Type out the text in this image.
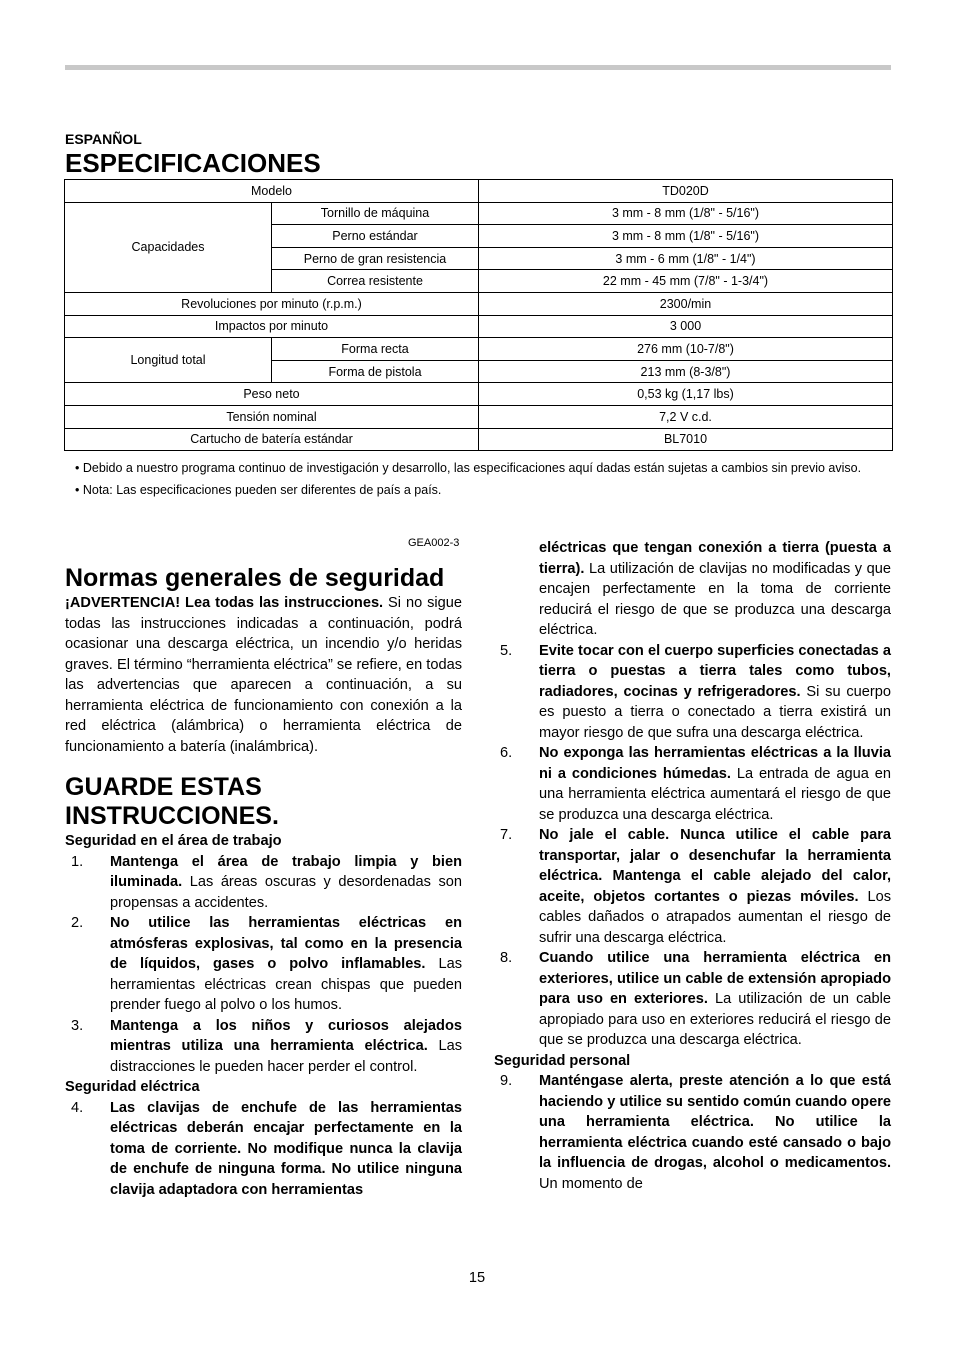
ESPANÑOL
ESPECIFICACIONES
Modelo		TD020D
Capacidades	Tornillo de máquina	3 mm - 8 mm (1/8" - 5/16")
	Perno estándar	3 mm - 8 mm (1/8" - 5/16")
	Perno de gran resistencia	3 mm - 6 mm (1/8" - 1/4")
	Correa resistente	22 mm - 45 mm (7/8" - 1-3/4")
Revoluciones por minuto (r.p.m.)		2300/min
Impactos por minuto		3 000
Longitud total	Forma recta	276 mm (10-7/8")
	Forma de pistola	213 mm (8-3/8")
Peso neto		0,53 kg (1,17 lbs)
Tensión nominal		7,2 V c.d.
Cartucho de batería estándar		BL7010

• Debido a nuestro programa continuo de investigación y desarrollo, las especificaciones aquí dadas están sujetas a cambios sin previo aviso.

• Nota: Las especificaciones pueden ser diferentes de país a país.

GEA002-3
Normas generales de seguridad

¡ADVERTENCIA! Lea todas las instrucciones. Si no sigue todas las instrucciones indicadas a continuación, podrá ocasionar una descarga eléctrica, un incendio y/o heridas graves. El término “herramienta eléctrica” se refiere, en todas las advertencias que aparecen a continuación, a su herramienta eléctrica de funcionamiento con conexión a la red eléctrica (alámbrica) o herramienta eléctrica de funcionamiento a batería (inalámbrica).

GUARDE ESTAS INSTRUCCIONES.
Seguridad en el área de trabajo
1.	Mantenga el área de trabajo limpia y bien iluminada. Las áreas oscuras y desordenadas son propensas a accidentes.
2.	No utilice las herramientas eléctricas en atmósferas explosivas, tal como en la presencia de líquidos, gases o polvo inflamables. Las herramientas eléctricas crean chispas que pueden prender fuego al polvo o los humos.
3.	Mantenga a los niños y curiosos alejados mientras utiliza una herramienta eléctrica. Las distracciones le pueden hacer perder el control.
Seguridad eléctrica
4.	Las clavijas de enchufe de las herramientas eléctricas deberán encajar perfectamente en la toma de corriente. No modifique nunca la clavija de enchufe de ninguna forma. No utilice ninguna clavija adaptadora con herramientas

eléctricas que tengan conexión a tierra (puesta a tierra). La utilización de clavijas no modificadas y que encajen perfectamente en la toma de corriente reducirá el riesgo de que se produzca una descarga eléctrica.

5.	Evite tocar con el cuerpo superficies conectadas a tierra o puestas a tierra tales como tubos, radiadores, cocinas y refrigeradores. Si su cuerpo es puesto a tierra o conectado a tierra existirá un mayor riesgo de que sufra una descarga eléctrica.
6.	No exponga las herramientas eléctricas a la lluvia ni a condiciones húmedas. La entrada de agua en una herramienta eléctrica aumentará el riesgo de que se produzca una descarga eléctrica.
7.	No jale el cable. Nunca utilice el cable para transportar, jalar o desenchufar la herramienta eléctrica. Mantenga el cable alejado del calor, aceite, objetos cortantes o piezas móviles. Los cables dañados o atrapados aumentan el riesgo de sufrir una descarga eléctrica.
8.	Cuando utilice una herramienta eléctrica en exteriores, utilice un cable de extensión apropiado para uso en exteriores. La utilización de un cable apropiado para uso en exteriores reducirá el riesgo de que se produzca una descarga eléctrica.
Seguridad personal
9.	Manténgase alerta, preste atención a lo que está haciendo y utilice su sentido común cuando opere una herramienta eléctrica. No utilice la herramienta eléctrica cuando esté cansado o bajo la influencia de drogas, alcohol o medicamentos. Un momento de
15
